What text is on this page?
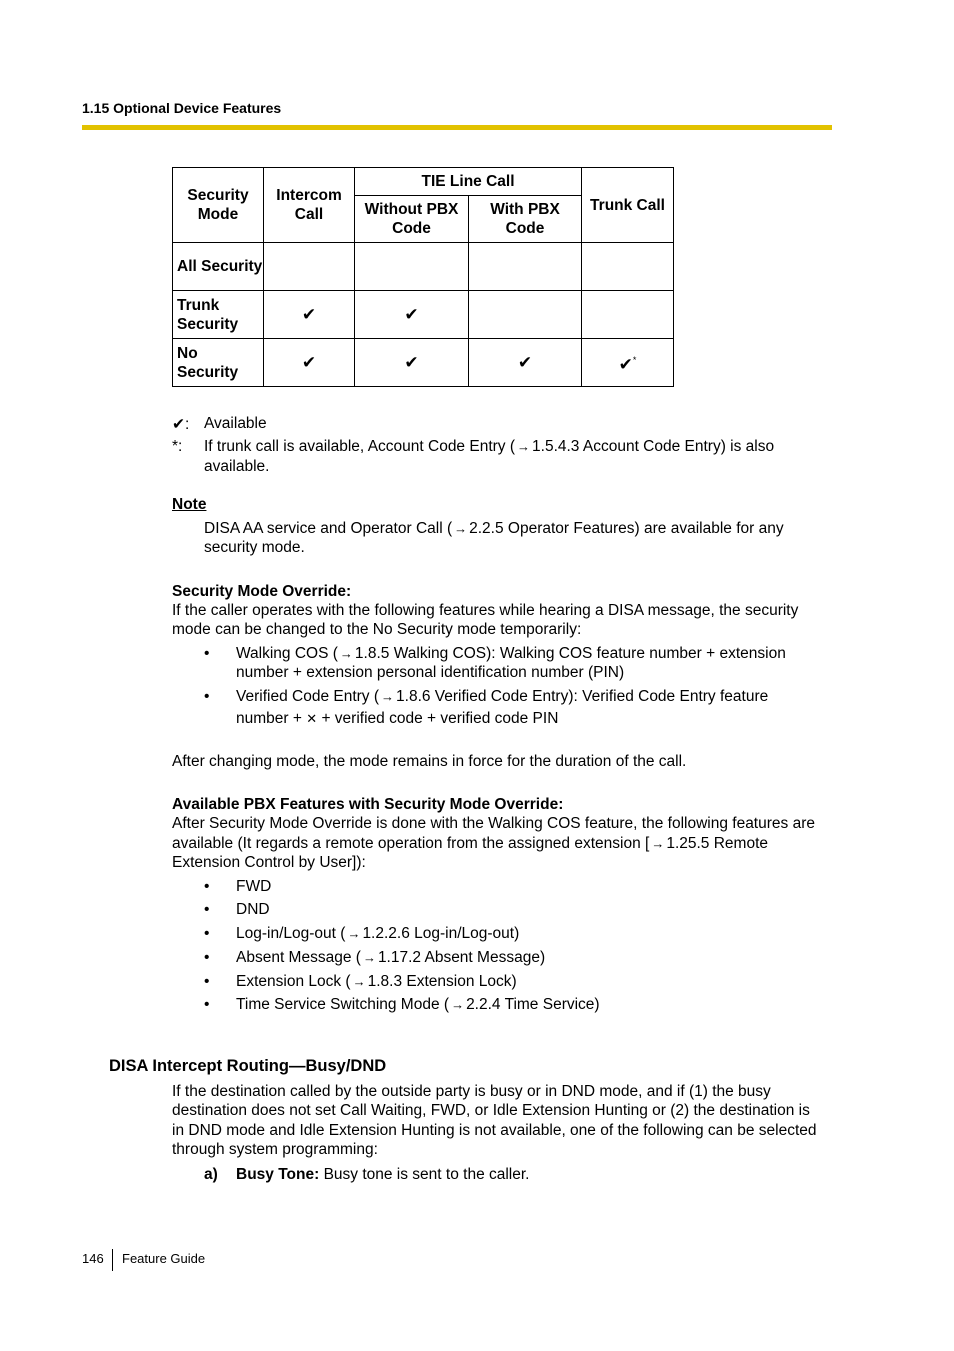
1.15 Optional Device Features
Security Mode	Intercom Call	TIE Line Call		Trunk Call
		Without PBX Code	With PBX Code	
All Security				
Trunk Security	✔	✔		
No Security	✔	✔	✔	✔*
✔: Available
*: If trunk call is available, Account Code Entry ( → 1.5.4.3 Account Code Entry) is also
available.
Note
DISA AA service and Operator Call ( → 2.2.5 Operator Features) are available for any
security mode.
Security Mode Override:
If the caller operates with the following features while hearing a DISA message, the security
mode can be changed to the No Security mode temporarily:
• Walking COS ( → 1.8.5 Walking COS): Walking COS feature number + extension
number + extension personal identification number (PIN)
• Verified Code Entry ( → 1.8.6 Verified Code Entry): Verified Code Entry feature
number + ✕ + verified code + verified code PIN
After changing mode, the mode remains in force for the duration of the call.
Available PBX Features with Security Mode Override:
After Security Mode Override is done with the Walking COS feature, the following features are
available (It regards a remote operation from the assigned extension [ → 1.25.5 Remote
Extension Control by User]):
• FWD
• DND
• Log-in/Log-out ( → 1.2.2.6 Log-in/Log-out)
• Absent Message ( → 1.17.2 Absent Message)
• Extension Lock ( → 1.8.3 Extension Lock)
• Time Service Switching Mode ( → 2.2.4 Time Service)
DISA Intercept Routing—Busy/DND
If the destination called by the outside party is busy or in DND mode, and if (1) the busy
destination does not set Call Waiting, FWD, or Idle Extension Hunting or (2) the destination is
in DND mode and Idle Extension Hunting is not available, one of the following can be selected
through system programming:
a) Busy Tone: Busy tone is sent to the caller.
146 Feature Guide
